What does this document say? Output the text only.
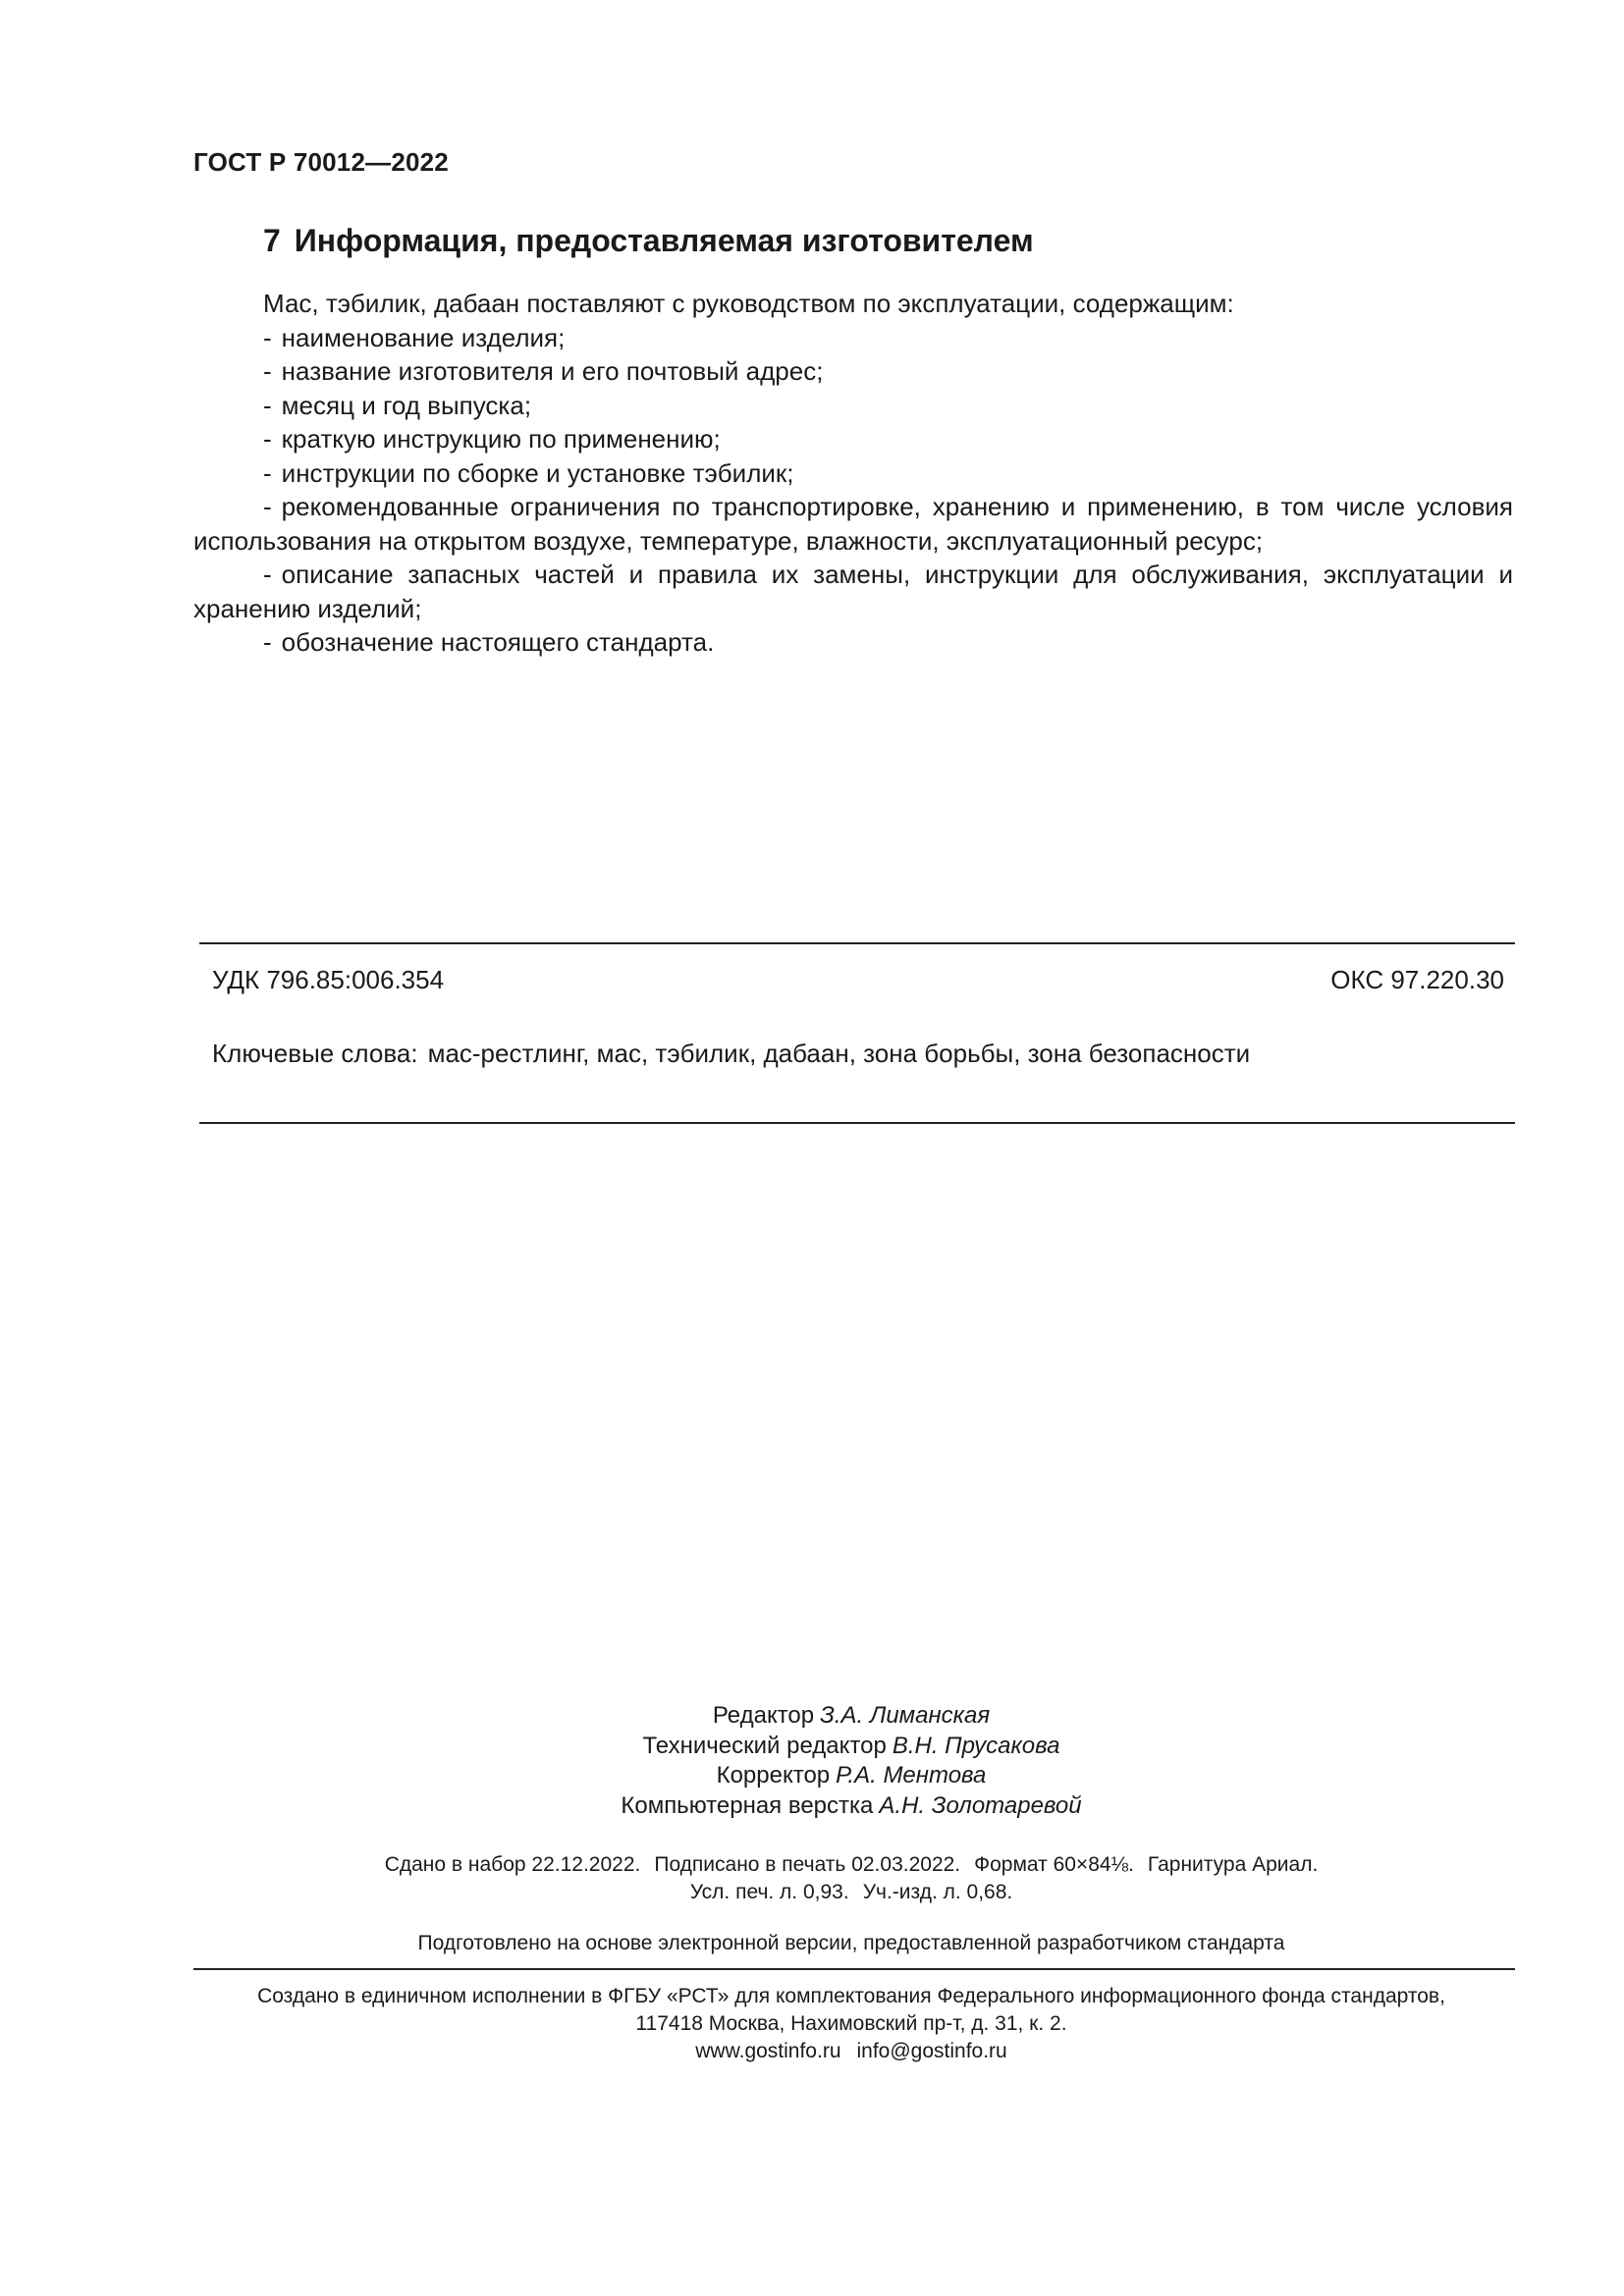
ГОСТ Р 70012—2022
7 Информация, предоставляемая изготовителем

Мас, тэбилик, дабаан поставляют с руководством по эксплуатации, содержащим:

- наименование изделия;

- название изготовителя и его почтовый адрес;

- месяц и год выпуска;

- краткую инструкцию по применению;

- инструкции по сборке и установке тэбилик;

- рекомендованные ограничения по транспортировке, хранению и применению, в том числе условия использования на открытом воздухе, температуре, влажности, эксплуатационный ресурс;

- описание запасных частей и правила их замены, инструкции для обслуживания, эксплуатации и хранению изделий;

- обозначение настоящего стандарта.

УДК 796.85:006.354	ОКС 97.220.30
Ключевые слова: мас-рестлинг, мас, тэбилик, дабаан, зона борьбы, зона безопасности
Редактор З.А. Лиманская
Технический редактор В.Н. Прусакова
Корректор Р.А. Ментова
Компьютерная верстка А.Н. Золотаревой
Сдано в набор 22.12.2022. Подписано в печать 02.03.2022. Формат 60×84⅛. Гарнитура Ариал.
Усл. печ. л. 0,93. Уч.-изд. л. 0,68.
Подготовлено на основе электронной версии, предоставленной разработчиком стандарта
Создано в единичном исполнении в ФГБУ «РСТ» для комплектования Федерального информационного фонда стандартов,
117418 Москва, Нахимовский пр-т, д. 31, к. 2.
www.gostinfo.ru info@gostinfo.ru
